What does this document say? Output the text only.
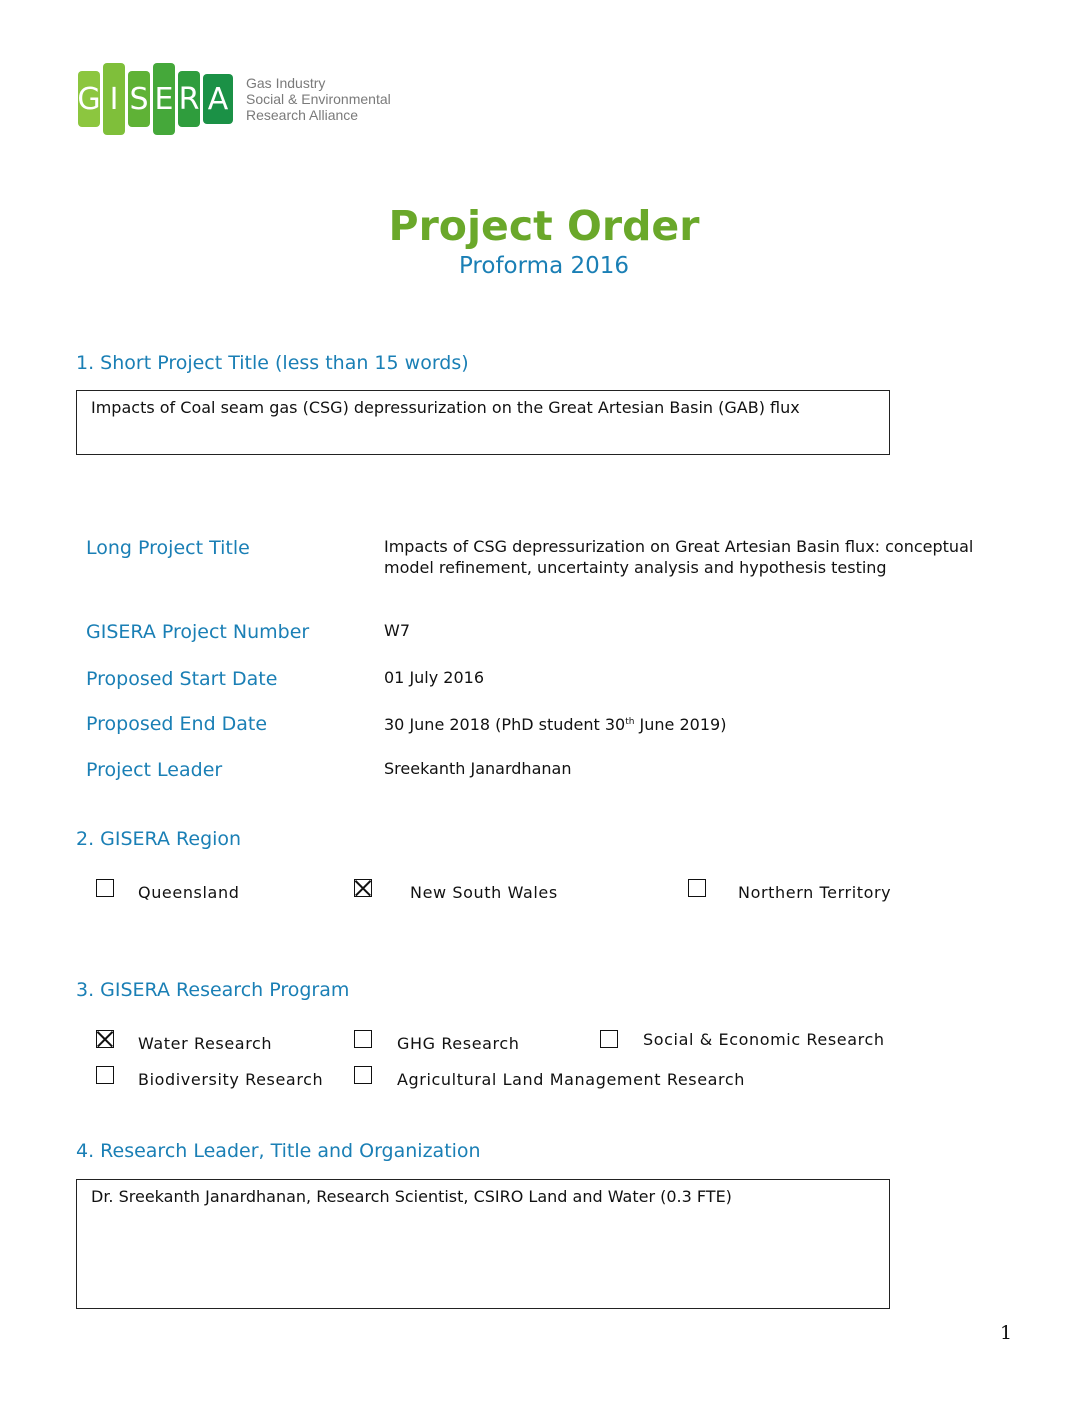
G I S E R A	Gas Industry
Social & Environmental
Research Alliance
Project Order
Proforma 2016
1. Short Project Title (less than 15 words)
Impacts of Coal seam gas (CSG) depressurization on the Great Artesian Basin (GAB) flux
Long Project Title	Impacts of CSG depressurization on Great Artesian Basin flux: conceptual model refinement, uncertainty analysis and hypothesis testing
GISERA Project Number	W7
Proposed Start Date	01 July 2016
Proposed End Date	30 June 2018 (PhD student 30th June 2019)
Project Leader	Sreekanth Janardhanan
2. GISERA Region
Queensland	New South Wales	Northern Territory
3. GISERA Research Program
Water Research	GHG Research	Social & Economic Research
Biodiversity Research	Agricultural Land Management Research
4. Research Leader, Title and Organization
Dr. Sreekanth Janardhanan, Research Scientist, CSIRO Land and Water (0.3 FTE)
1
